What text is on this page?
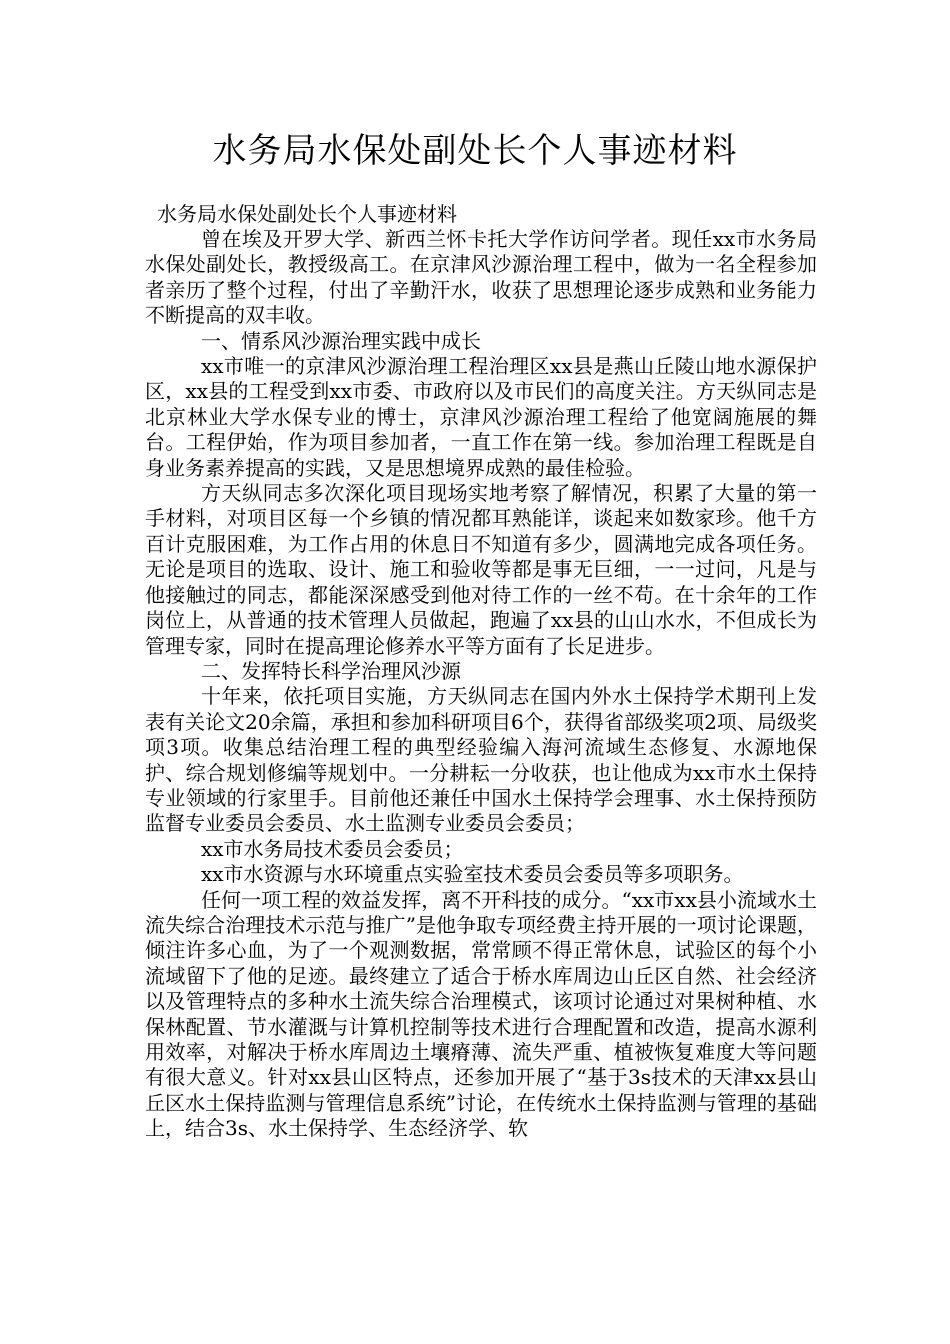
水务局水保处副处长个人事迹材料

水务局水保处副处长个人事迹材料

曾在埃及开罗大学、新西兰怀卡托大学作访问学者。现任xx市水务局水保处副处长，教授级高工。在京津风沙源治理工程中，做为一名全程参加者亲历了整个过程，付出了辛勤汗水，收获了思想理论逐步成熟和业务能力不断提高的双丰收。

一、情系风沙源治理实践中成长

xx市唯一的京津风沙源治理工程治理区xx县是燕山丘陵山地水源保护区，xx县的工程受到xx市委、市政府以及市民们的高度关注。方天纵同志是北京林业大学水保专业的博士，京津风沙源治理工程给了他宽阔施展的舞台。工程伊始，作为项目参加者，一直工作在第一线。参加治理工程既是自身业务素养提高的实践，又是思想境界成熟的最佳检验。

方天纵同志多次深化项目现场实地考察了解情况，积累了大量的第一手材料，对项目区每一个乡镇的情况都耳熟能详，谈起来如数家珍。他千方百计克服困难，为工作占用的休息日不知道有多少，圆满地完成各项任务。无论是项目的选取、设计、施工和验收等都是事无巨细，一一过问，凡是与他接触过的同志，都能深深感受到他对待工作的一丝不苟。在十余年的工作岗位上，从普通的技术管理人员做起，跑遍了xx县的山山水水，不但成长为管理专家，同时在提高理论修养水平等方面有了长足进步。

二、发挥特长科学治理风沙源

十年来，依托项目实施，方天纵同志在国内外水土保持学术期刊上发表有关论文20余篇，承担和参加科研项目6个，获得省部级奖项2项、局级奖项3项。收集总结治理工程的典型经验编入海河流域生态修复、水源地保护、综合规划修编等规划中。一分耕耘一分收获，也让他成为xx市水土保持专业领域的行家里手。目前他还兼任中国水土保持学会理事、水土保持预防监督专业委员会委员、水土监测专业委员会委员；

xx市水务局技术委员会委员；

xx市水资源与水环境重点实验室技术委员会委员等多项职务。

任何一项工程的效益发挥，离不开科技的成分。“xx市xx县小流域水土流失综合治理技术示范与推广”是他争取专项经费主持开展的一项讨论课题，倾注许多心血，为了一个观测数据，常常顾不得正常休息，试验区的每个小流域留下了他的足迹。最终建立了适合于桥水库周边山丘区自然、社会经济以及管理特点的多种水土流失综合治理模式，该项讨论通过对果树种植、水保林配置、节水灌溉与计算机控制等技术进行合理配置和改造，提高水源利用效率，对解决于桥水库周边土壤瘠薄、流失严重、植被恢复难度大等问题有很大意义。针对xx县山区特点，还参加开展了“基于3s技术的天津xx县山丘区水土保持监测与管理信息系统”讨论，在传统水土保持监测与管理的基础上，结合3s、水土保持学、生态经济学、软
